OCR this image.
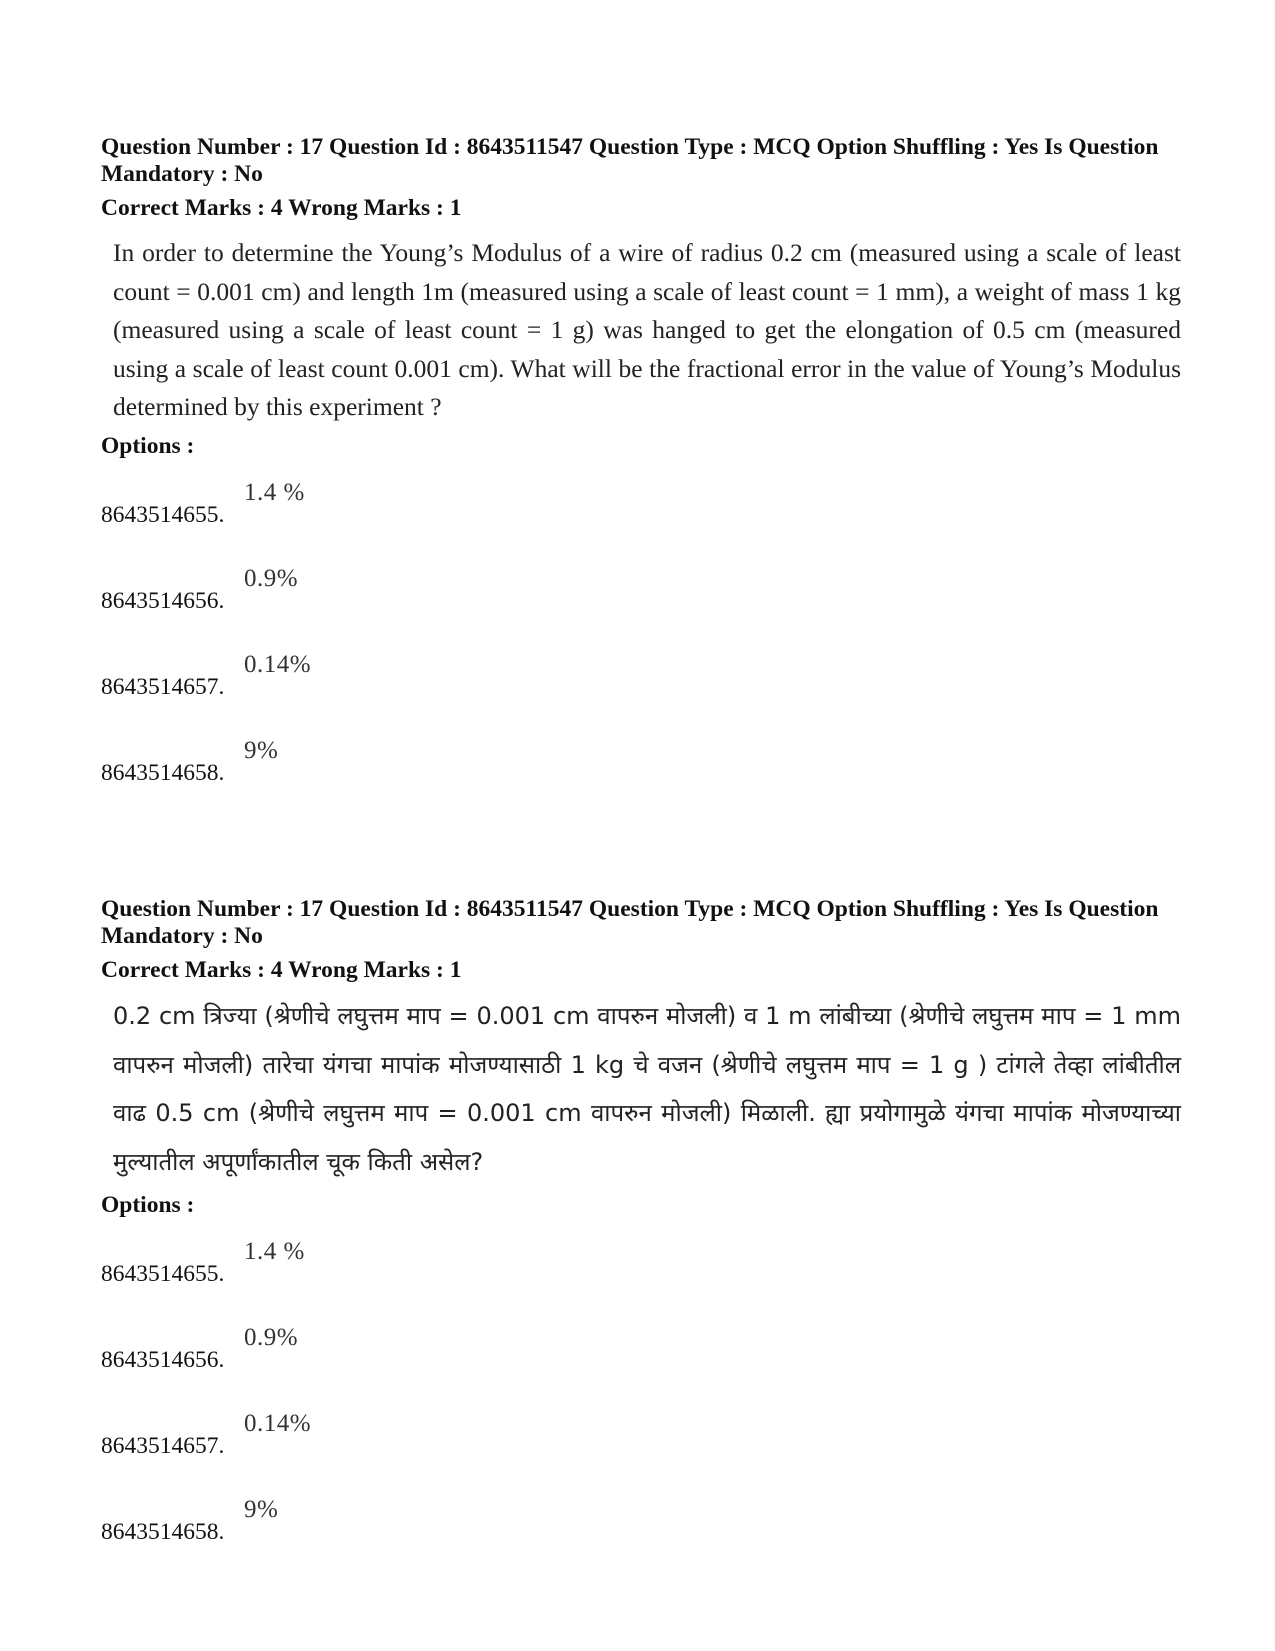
Question Number : 17 Question Id : 8643511547 Question Type : MCQ Option Shuffling : Yes Is Question Mandatory : No

Correct Marks : 4 Wrong Marks : 1
In order to determine the Young’s Modulus of a wire of radius 0.2 cm (measured using a scale of least count = 0.001 cm) and length 1m (measured using a scale of least count = 1 mm), a weight of mass 1 kg (measured using a scale of least count = 1 g) was hanged to get the elongation of 0.5 cm (measured using a scale of least count 0.001 cm). What will be the fractional error in the value of Young’s Modulus determined by this experiment ?
Options :
8643514655.
1.4 %
8643514656.
0.9%
8643514657.
0.14%
8643514658.
9%

Question Number : 17 Question Id : 8643511547 Question Type : MCQ Option Shuffling : Yes Is Question Mandatory : No

Correct Marks : 4 Wrong Marks : 1
0.2 cm त्रिज्या (श्रेणीचे लघुत्तम माप = 0.001 cm वापरुन मोजली) व 1 m लांबीच्या (श्रेणीचे लघुत्तम माप = 1 mm वापरुन मोजली) तारेचा यंगचा मापांक मोजण्यासाठी 1 kg चे वजन (श्रेणीचे लघुत्तम माप = 1 g ) टांगले तेव्हा लांबीतील वाढ 0.5 cm (श्रेणीचे लघुत्तम माप = 0.001 cm वापरुन मोजली) मिळाली. ह्या प्रयोगामुळे यंगचा मापांक मोजण्याच्या मुल्यातील अपूर्णांकातील चूक किती असेल?
Options :
8643514655.
1.4 %
8643514656.
0.9%
8643514657.
0.14%
8643514658.
9%
